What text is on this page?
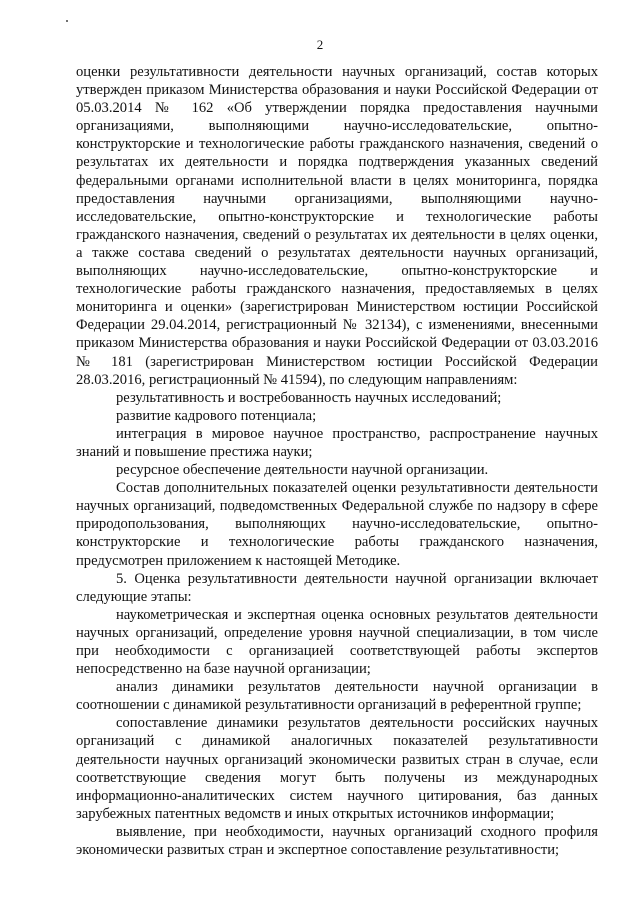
2

оценки результативности деятельности научных организаций, состав которых утвержден приказом Министерства образования и науки Российской Федерации от 05.03.2014 № 162 «Об утверждении порядка предоставления научными организациями, выполняющими научно-исследовательские, опытно-конструкторские и технологические работы гражданского назначения, сведений о результатах их деятельности и порядка подтверждения указанных сведений федеральными органами исполнительной власти в целях мониторинга, порядка предоставления научными организациями, выполняющими научно-исследовательские, опытно-конструкторские и технологические работы гражданского назначения, сведений о результатах их деятельности в целях оценки, а также состава сведений о результатах деятельности научных организаций, выполняющих научно-исследовательские, опытно-конструкторские и технологические работы гражданского назначения, предоставляемых в целях мониторинга и оценки» (зарегистрирован Министерством юстиции Российской Федерации 29.04.2014, регистрационный № 32134), с изменениями, внесенными приказом Министерства образования и науки Российской Федерации от 03.03.2016 № 181 (зарегистрирован Министерством юстиции Российской Федерации 28.03.2016, регистрационный № 41594), по следующим направлениям:

результативность и востребованность научных исследований;

развитие кадрового потенциала;

интеграция в мировое научное пространство, распространение научных знаний и повышение престижа науки;

ресурсное обеспечение деятельности научной организации.

Состав дополнительных показателей оценки результативности деятельности научных организаций, подведомственных Федеральной службе по надзору в сфере природопользования, выполняющих научно-исследовательские, опытно-конструкторские и технологические работы гражданского назначения, предусмотрен приложением к настоящей Методике.

5. Оценка результативности деятельности научной организации включает следующие этапы:

наукометрическая и экспертная оценка основных результатов деятельности научных организаций, определение уровня научной специализации, в том числе при необходимости с организацией соответствующей работы экспертов непосредственно на базе научной организации;

анализ динамики результатов деятельности научной организации в соотношении с динамикой результативности организаций в референтной группе;

сопоставление динамики результатов деятельности российских научных организаций с динамикой аналогичных показателей результативности деятельности научных организаций экономически развитых стран в случае, если соответствующие сведения могут быть получены из международных информационно-аналитических систем научного цитирования, баз данных зарубежных патентных ведомств и иных открытых источников информации;

выявление, при необходимости, научных организаций сходного профиля экономически развитых стран и экспертное сопоставление результативности;
